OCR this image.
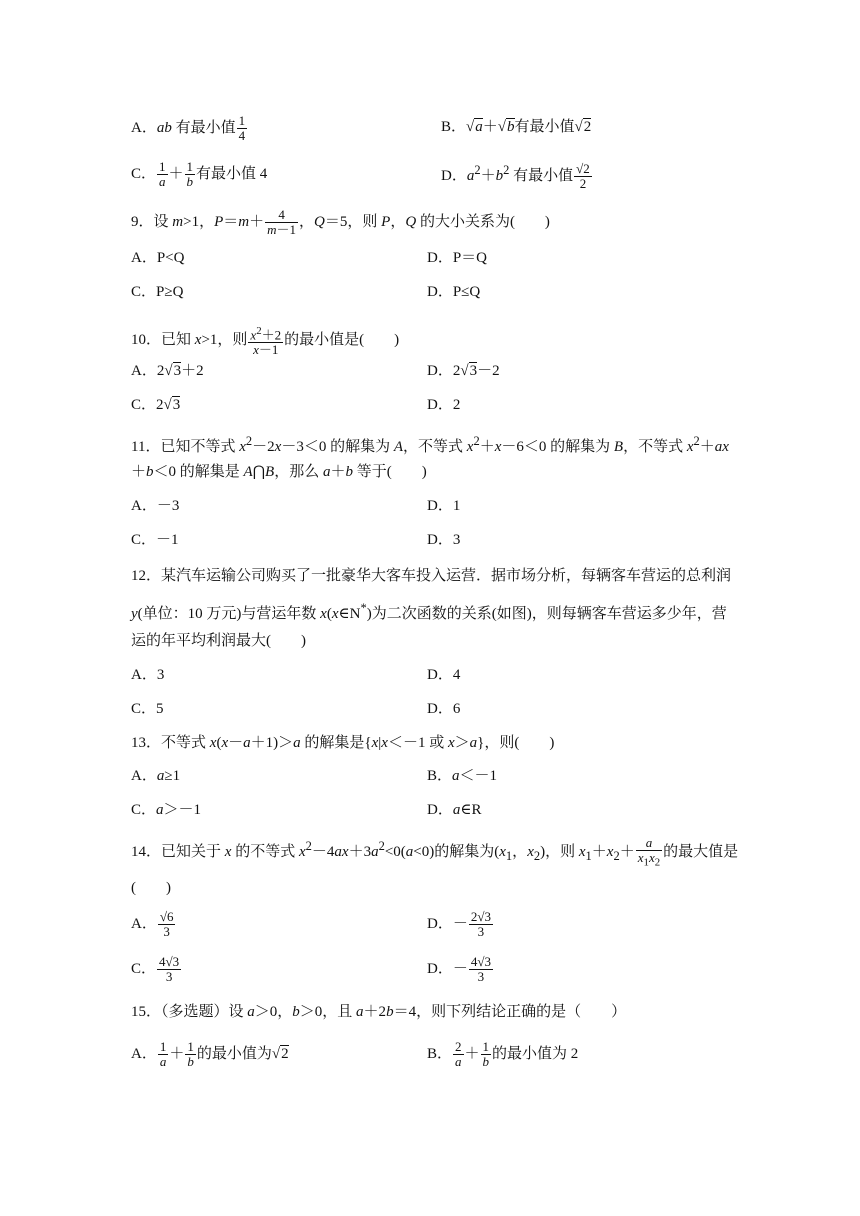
A．ab 有最小值 $\frac{1}{4}$	B．√a＋√b有最小值√2
C． $\frac{1}{a} + \frac{1}{b}$ 有最小值 4	D．$a^2+b^2$ 有最小值 $\frac{√2}{2}$
9．设 m>1，$P=m+ \frac{4}{m-1}$ ，Q＝5，则 P，Q 的大小关系为(　　)
A．P<Q	D．P＝Q
C．P≥Q	D．P≤Q
10．已知 x>1，则 $\frac{x^2+2}{x-1}$ 的最小值是(　　)
A．2√3＋2	D．2√3－2
C．2√3	D．2
11．已知不等式 $x^2-2x-3<0$ 的解集为 A，不等式 $x^2+x-6<0$ 的解集为 B，不等式 $x^2+ax$
＋b＜0 的解集是 A⋂B，那么 a＋b 等于(　　)
A．－3	D．1
C．－1	D．3
12．某汽车运输公司购买了一批豪华大客车投入运营．据市场分析，每辆客车营运的总利润
y(单位：10 万元)与营运年数 x(x∈N*)为二次函数的关系(如图)，则每辆客车营运多少年，营
运的年平均利润最大(　　)
A．3	D．4
C．5	D．6
13．不等式 x(x－a＋1)＞a 的解集是{x|x＜－1 或 x＞a}，则(　　)
A．a≥1	B．a＜－1
C．a＞－1	D．a∈R
14．已知关于 x 的不等式 $x^2-4ax+3a^2<0(a<0)$的解集为($x_1$，$x_2$)，则 $x_1+x_2+ \frac{a}{x_1x_2}$ 的最大值是
(　　)
A． $\frac{√6}{3}$	D．－ $\frac{2√3}{3}$
C． $\frac{4√3}{3}$	D．－ $\frac{4√3}{3}$
15．（多选题）设 a＞0，b＞0，且 a＋2b＝4，则下列结论正确的是（　　）
A． $\frac{1}{a} + \frac{1}{b}$ 的最小值为√2	B． $\frac{2}{a} + \frac{1}{b}$ 的最小值为 2
